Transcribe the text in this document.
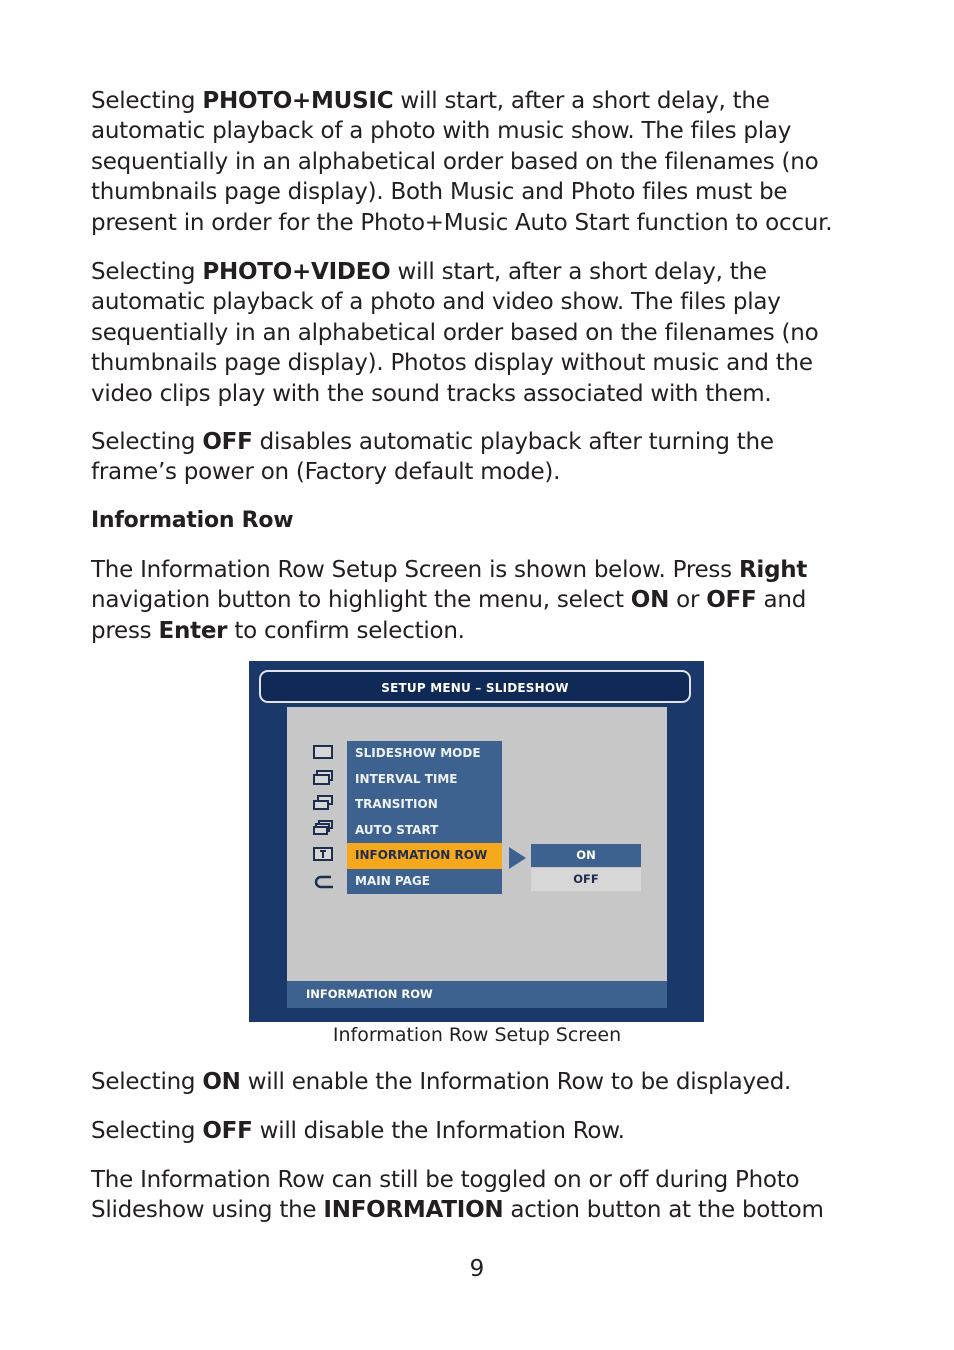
Selecting PHOTO+MUSIC will start, after a short delay, the automatic playback of a photo with music show. The files play sequentially in an alphabetical order based on the filenames (no thumbnails page display). Both Music and Photo files must be present in order for the Photo+Music Auto Start function to occur.

Selecting PHOTO+VIDEO will start, after a short delay, the automatic playback of a photo and video show. The files play sequentially in an alphabetical order based on the filenames (no thumbnails page display). Photos display without music and the video clips play with the sound tracks associated with them.

Selecting OFF disables automatic playback after turning the frame’s power on (Factory default mode).

Information Row

The Information Row Setup Screen is shown below. Press Right navigation button to highlight the menu, select ON or OFF and press Enter to confirm selection.

Selecting ON will enable the Information Row to be displayed.

Selecting OFF will disable the Information Row.

The Information Row can still be toggled on or off during Photo Slideshow using the INFORMATION action button at the bottom

SETUP MENU – SLIDESHOW
SLIDESHOW MODE
INTERVAL TIME
TRANSITION
AUTO START
INFORMATION ROW
MAIN PAGE
ON
OFF
INFORMATION ROW
Information Row Setup Screen
9
